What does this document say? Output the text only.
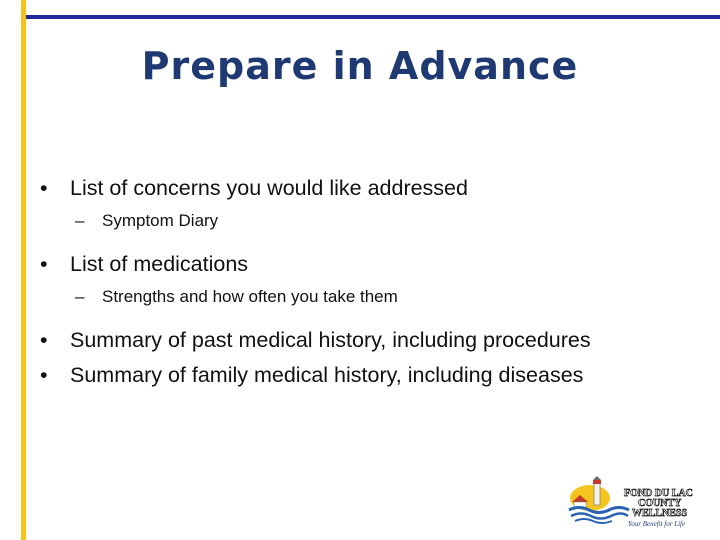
Prepare in Advance
•	List of concerns you would like addressed
–	Symptom Diary
•	List of medications
–	Strengths and how often you take them
•	Summary of past medical history, including procedures
•	Summary of family medical history, including diseases
FOND DU LAC
COUNTY
WELLNESS
Your Benefit for Life
